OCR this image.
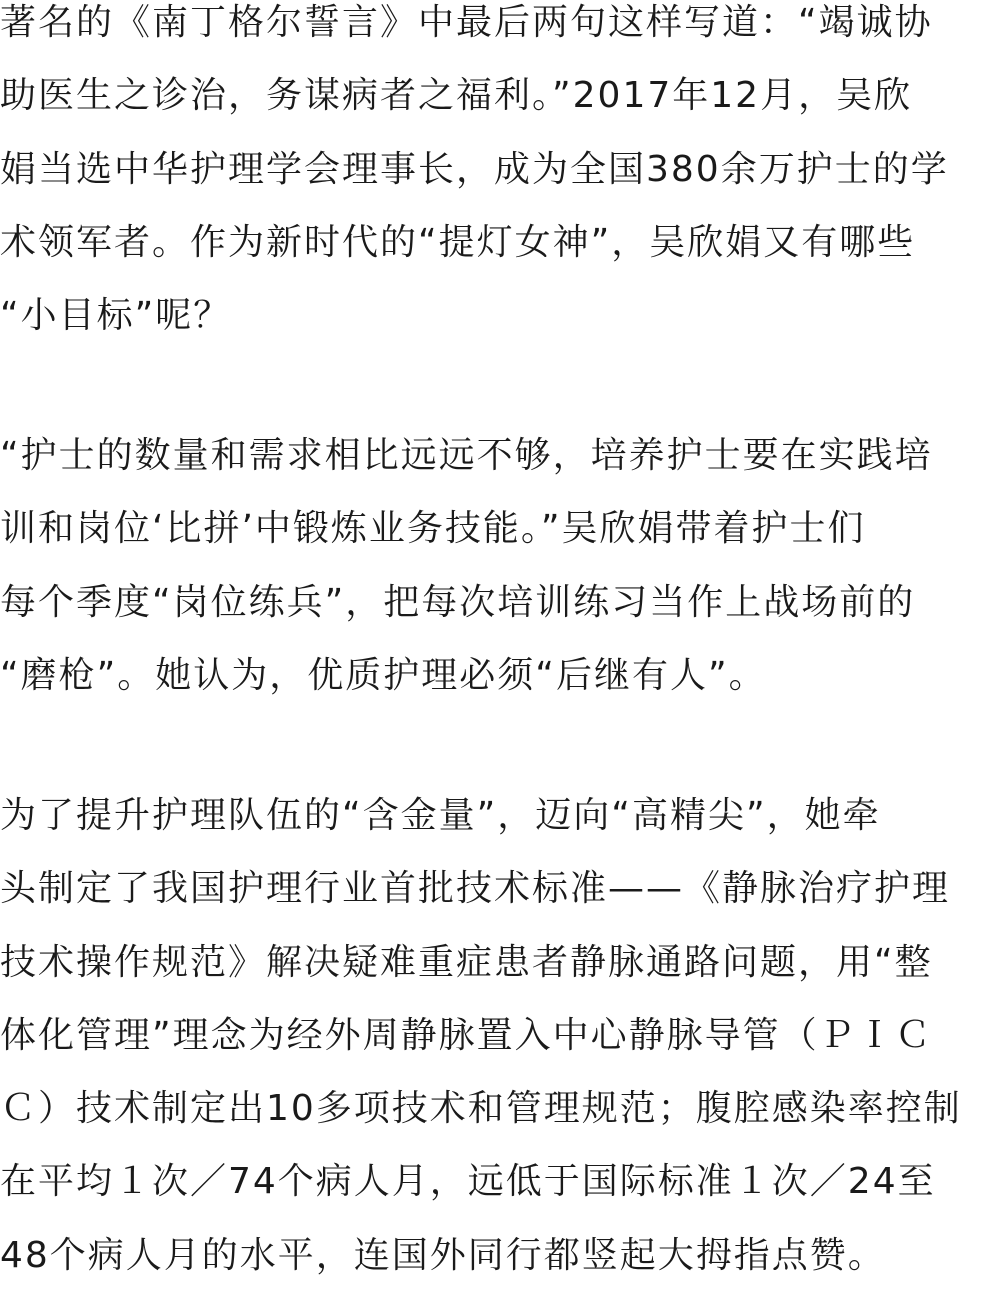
著名的《南丁格尔誓言》中最后两句这样写道：“竭诚协
助医生之诊治，务谋病者之福利。”2017年12月，吴欣
娟当选中华护理学会理事长，成为全国380余万护士的学
术领军者。作为新时代的“提灯女神”，吴欣娟又有哪些
“小目标”呢？
“护士的数量和需求相比远远不够，培养护士要在实践培
训和岗位‘比拼’中锻炼业务技能。”吴欣娟带着护士们
每个季度“岗位练兵”，把每次培训练习当作上战场前的
“磨枪”。她认为，优质护理必须“后继有人”。
为了提升护理队伍的“含金量”，迈向“高精尖”，她牵
头制定了我国护理行业首批技术标准——《静脉治疗护理
技术操作规范》解决疑难重症患者静脉通路问题，用“整
体化管理”理念为经外周静脉置入中心静脉导管（ＰＩＣ
Ｃ）技术制定出10多项技术和管理规范；腹腔感染率控制
在平均１次／74个病人月，远低于国际标准１次／24至
48个病人月的水平，连国外同行都竖起大拇指点赞。
